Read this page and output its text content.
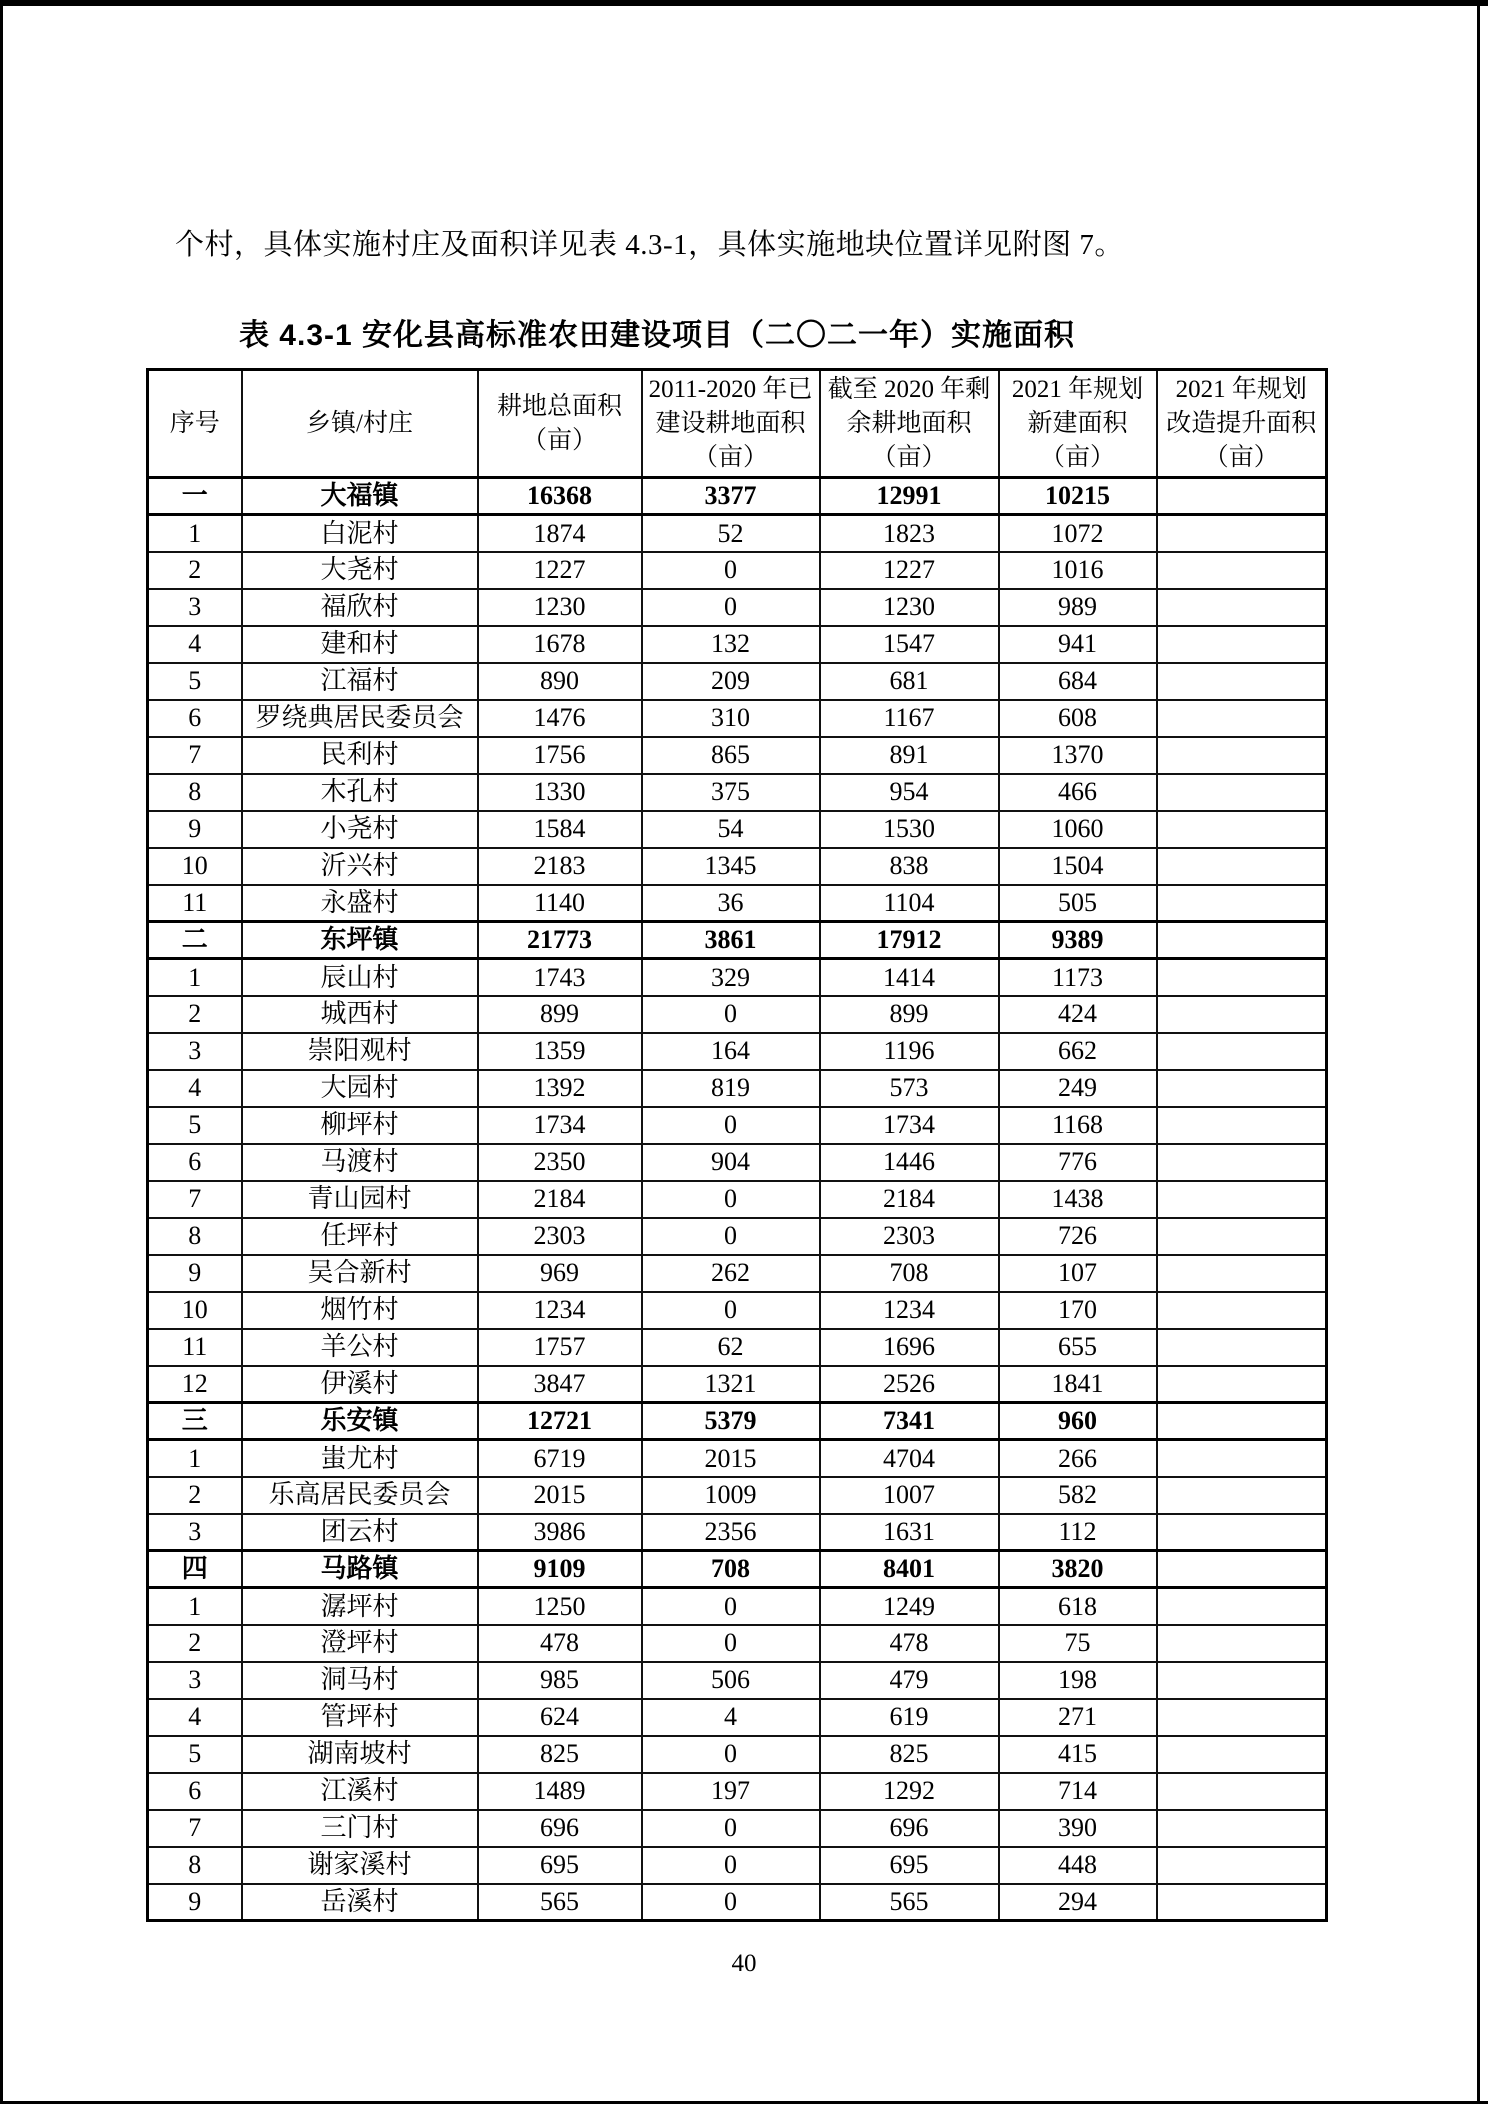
个村，具体实施村庄及面积详见表 4.3-1，具体实施地块位置详见附图 7。
表 4.3-1 安化县高标准农田建设项目（二〇二一年）实施面积
序号	乡镇/村庄	耕地总面积（亩）	2011-2020 年已建设耕地面积（亩）	截至 2020 年剩余耕地面积（亩）	2021 年规划新建面积（亩）	2021 年规划改造提升面积（亩）
一	大福镇	16368	3377	12991	10215	
1	白泥村	1874	52	1823	1072	
2	大尧村	1227	0	1227	1016	
3	福欣村	1230	0	1230	989	
4	建和村	1678	132	1547	941	
5	江福村	890	209	681	684	
6	罗绕典居民委员会	1476	310	1167	608	
7	民利村	1756	865	891	1370	
8	木孔村	1330	375	954	466	
9	小尧村	1584	54	1530	1060	
10	沂兴村	2183	1345	838	1504	
11	永盛村	1140	36	1104	505	
二	东坪镇	21773	3861	17912	9389	
1	辰山村	1743	329	1414	1173	
2	城西村	899	0	899	424	
3	崇阳观村	1359	164	1196	662	
4	大园村	1392	819	573	249	
5	柳坪村	1734	0	1734	1168	
6	马渡村	2350	904	1446	776	
7	青山园村	2184	0	2184	1438	
8	任坪村	2303	0	2303	726	
9	吴合新村	969	262	708	107	
10	烟竹村	1234	0	1234	170	
11	羊公村	1757	62	1696	655	
12	伊溪村	3847	1321	2526	1841	
三	乐安镇	12721	5379	7341	960	
1	蚩尤村	6719	2015	4704	266	
2	乐高居民委员会	2015	1009	1007	582	
3	团云村	3986	2356	1631	112	
四	马路镇	9109	708	8401	3820	
1	潺坪村	1250	0	1249	618	
2	澄坪村	478	0	478	75	
3	洞马村	985	506	479	198	
4	管坪村	624	4	619	271	
5	湖南坡村	825	0	825	415	
6	江溪村	1489	197	1292	714	
7	三门村	696	0	696	390	
8	谢家溪村	695	0	695	448	
9	岳溪村	565	0	565	294	
40
